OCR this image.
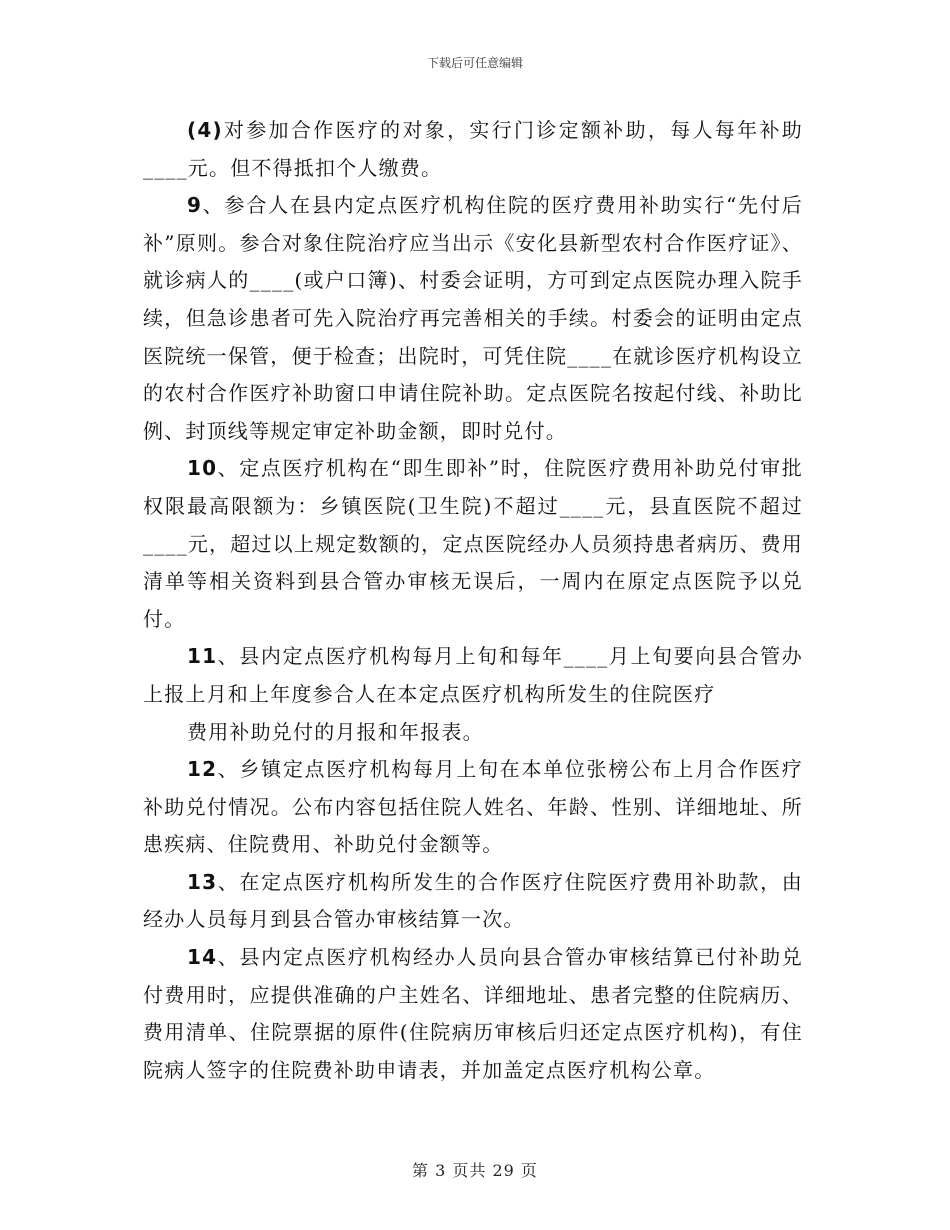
下载后可任意编辑

(4)对参加合作医疗的对象，实行门诊定额补助，每人每年补助____元。但不得抵扣个人缴费。

9、参合人在县内定点医疗机构住院的医疗费用补助实行“先付后补”原则。参合对象住院治疗应当出示《安化县新型农村合作医疗证》、就诊病人的____(或户口簿)、村委会证明，方可到定点医院办理入院手续，但急诊患者可先入院治疗再完善相关的手续。村委会的证明由定点医院统一保管，便于检查；出院时，可凭住院____在就诊医疗机构设立的农村合作医疗补助窗口申请住院补助。定点医院名按起付线、补助比例、封顶线等规定审定补助金额，即时兑付。

10、定点医疗机构在“即生即补”时，住院医疗费用补助兑付审批权限最高限额为：乡镇医院(卫生院)不超过____元，县直医院不超过____元，超过以上规定数额的，定点医院经办人员须持患者病历、费用清单等相关资料到县合管办审核无误后，一周内在原定点医院予以兑付。

11、县内定点医疗机构每月上旬和每年____月上旬要向县合管办上报上月和上年度参合人在本定点医疗机构所发生的住院医疗

费用补助兑付的月报和年报表。

12、乡镇定点医疗机构每月上旬在本单位张榜公布上月合作医疗补助兑付情况。公布内容包括住院人姓名、年龄、性别、详细地址、所患疾病、住院费用、补助兑付金额等。

13、在定点医疗机构所发生的合作医疗住院医疗费用补助款，由经办人员每月到县合管办审核结算一次。

14、县内定点医疗机构经办人员向县合管办审核结算已付补助兑付费用时，应提供准确的户主姓名、详细地址、患者完整的住院病历、费用清单、住院票据的原件(住院病历审核后归还定点医疗机构)，有住院病人签字的住院费补助申请表，并加盖定点医疗机构公章。

第 3 页共 29 页
